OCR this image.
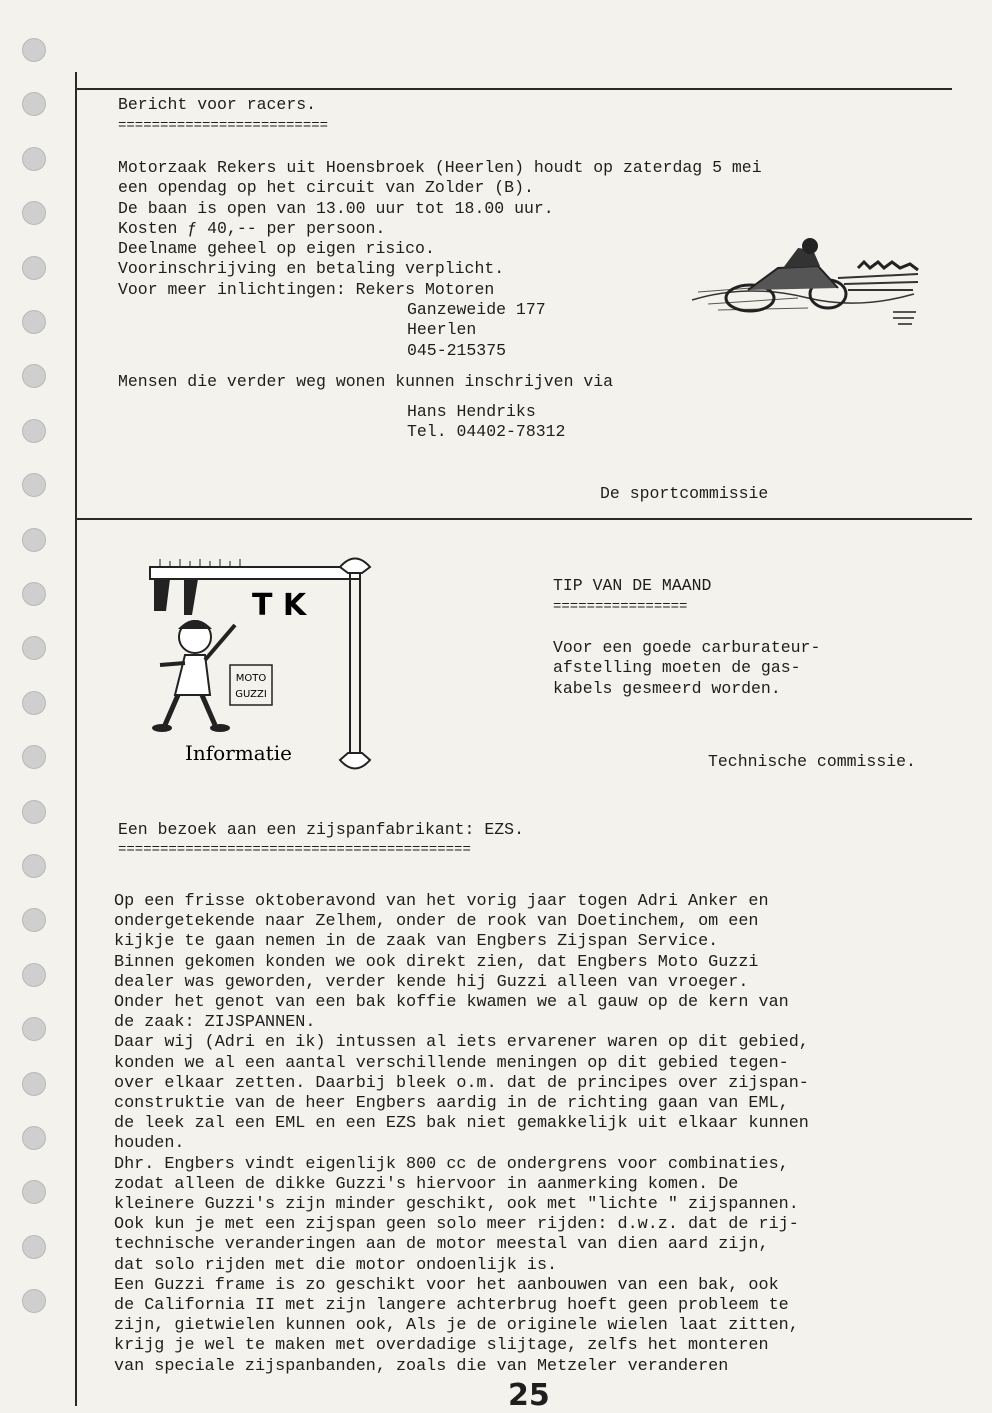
Bericht voor racers.
=========================
Motorzaak Rekers uit Hoensbroek (Heerlen) houdt op zaterdag 5 mei
een opendag op het circuit van Zolder (B).
De baan is open van 13.00 uur tot 18.00 uur.
Kosten ƒ 40,-- per persoon.
Deelname geheel op eigen risico.
Voorinschrijving en betaling verplicht.
Voor meer inlichtingen: Rekers Motoren
Ganzeweide 177
Heerlen
045-215375
Mensen die verder weg wonen kunnen inschrijven via
Hans Hendriks
Tel. 04402-78312
De sportcommissie
MOTO
GUZZI
T K
Informatie
TIP VAN DE MAAND
================
Voor een goede carburateur-
afstelling moeten de gas-
kabels gesmeerd worden.
Technische commissie.
Een bezoek aan een zijspanfabrikant: EZS.
==========================================
Op een frisse oktoberavond van het vorig jaar togen Adri Anker en
ondergetekende naar Zelhem, onder de rook van Doetinchem, om een
kijkje te gaan nemen in de zaak van Engbers Zijspan Service.
Binnen gekomen konden we ook direkt zien, dat Engbers Moto Guzzi
dealer was geworden, verder kende hij Guzzi alleen van vroeger.
Onder het genot van een bak koffie kwamen we al gauw op de kern van
de zaak: ZIJSPANNEN.
Daar wij (Adri en ik) intussen al iets ervarener waren op dit gebied,
konden we al een aantal verschillende meningen op dit gebied tegen-
over elkaar zetten. Daarbij bleek o.m. dat de principes over zijspan-
construktie van de heer Engbers aardig in de richting gaan van EML,
de leek zal een EML en een EZS bak niet gemakkelijk uit elkaar kunnen
houden.
Dhr. Engbers vindt eigenlijk 800 cc de ondergrens voor combinaties,
zodat alleen de dikke Guzzi's hiervoor in aanmerking komen. De
kleinere Guzzi's zijn minder geschikt, ook met "lichte " zijspannen.
Ook kun je met een zijspan geen solo meer rijden: d.w.z. dat de rij-
technische veranderingen aan de motor meestal van dien aard zijn,
dat solo rijden met die motor ondoenlijk is.
Een Guzzi frame is zo geschikt voor het aanbouwen van een bak, ook
de California II met zijn langere achterbrug hoeft geen probleem te
zijn, gietwielen kunnen ook, Als je de originele wielen laat zitten,
krijg je wel te maken met overdadige slijtage, zelfs het monteren
van speciale zijspanbanden, zoals die van Metzeler veranderen
25
